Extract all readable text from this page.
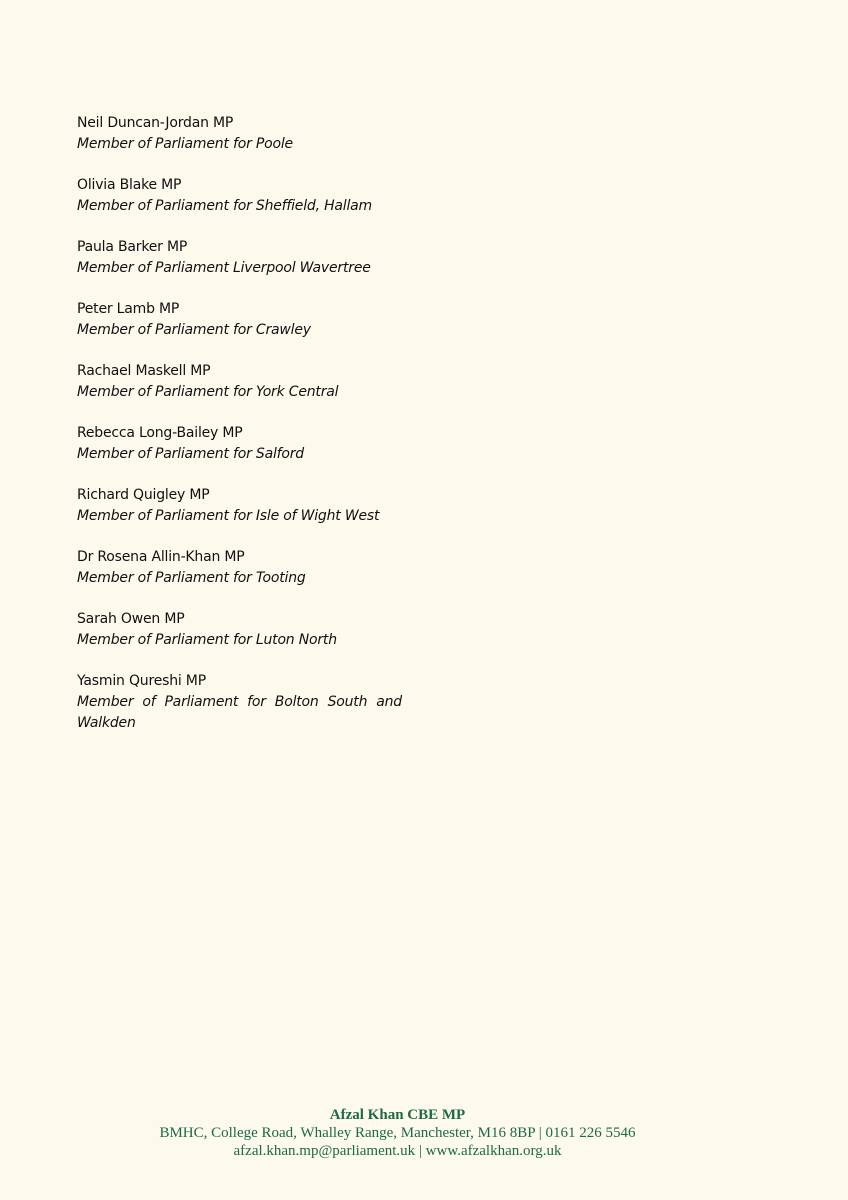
Neil Duncan-Jordan MP
Member of Parliament for Poole
Olivia Blake MP
Member of Parliament for Sheffield, Hallam
Paula Barker MP
Member of Parliament Liverpool Wavertree
Peter Lamb MP
Member of Parliament for Crawley
Rachael Maskell MP
Member of Parliament for York Central
Rebecca Long-Bailey MP
Member of Parliament for Salford
Richard Quigley MP
Member of Parliament for Isle of Wight West
Dr Rosena Allin-Khan MP
Member of Parliament for Tooting
Sarah Owen MP
Member of Parliament for Luton North
Yasmin Qureshi MP
Member of Parliament for Bolton South and Walkden
Afzal Khan CBE MP
BMHC, College Road, Whalley Range, Manchester, M16 8BP | 0161 226 5546
afzal.khan.mp@parliament.uk | www.afzalkhan.org.uk
